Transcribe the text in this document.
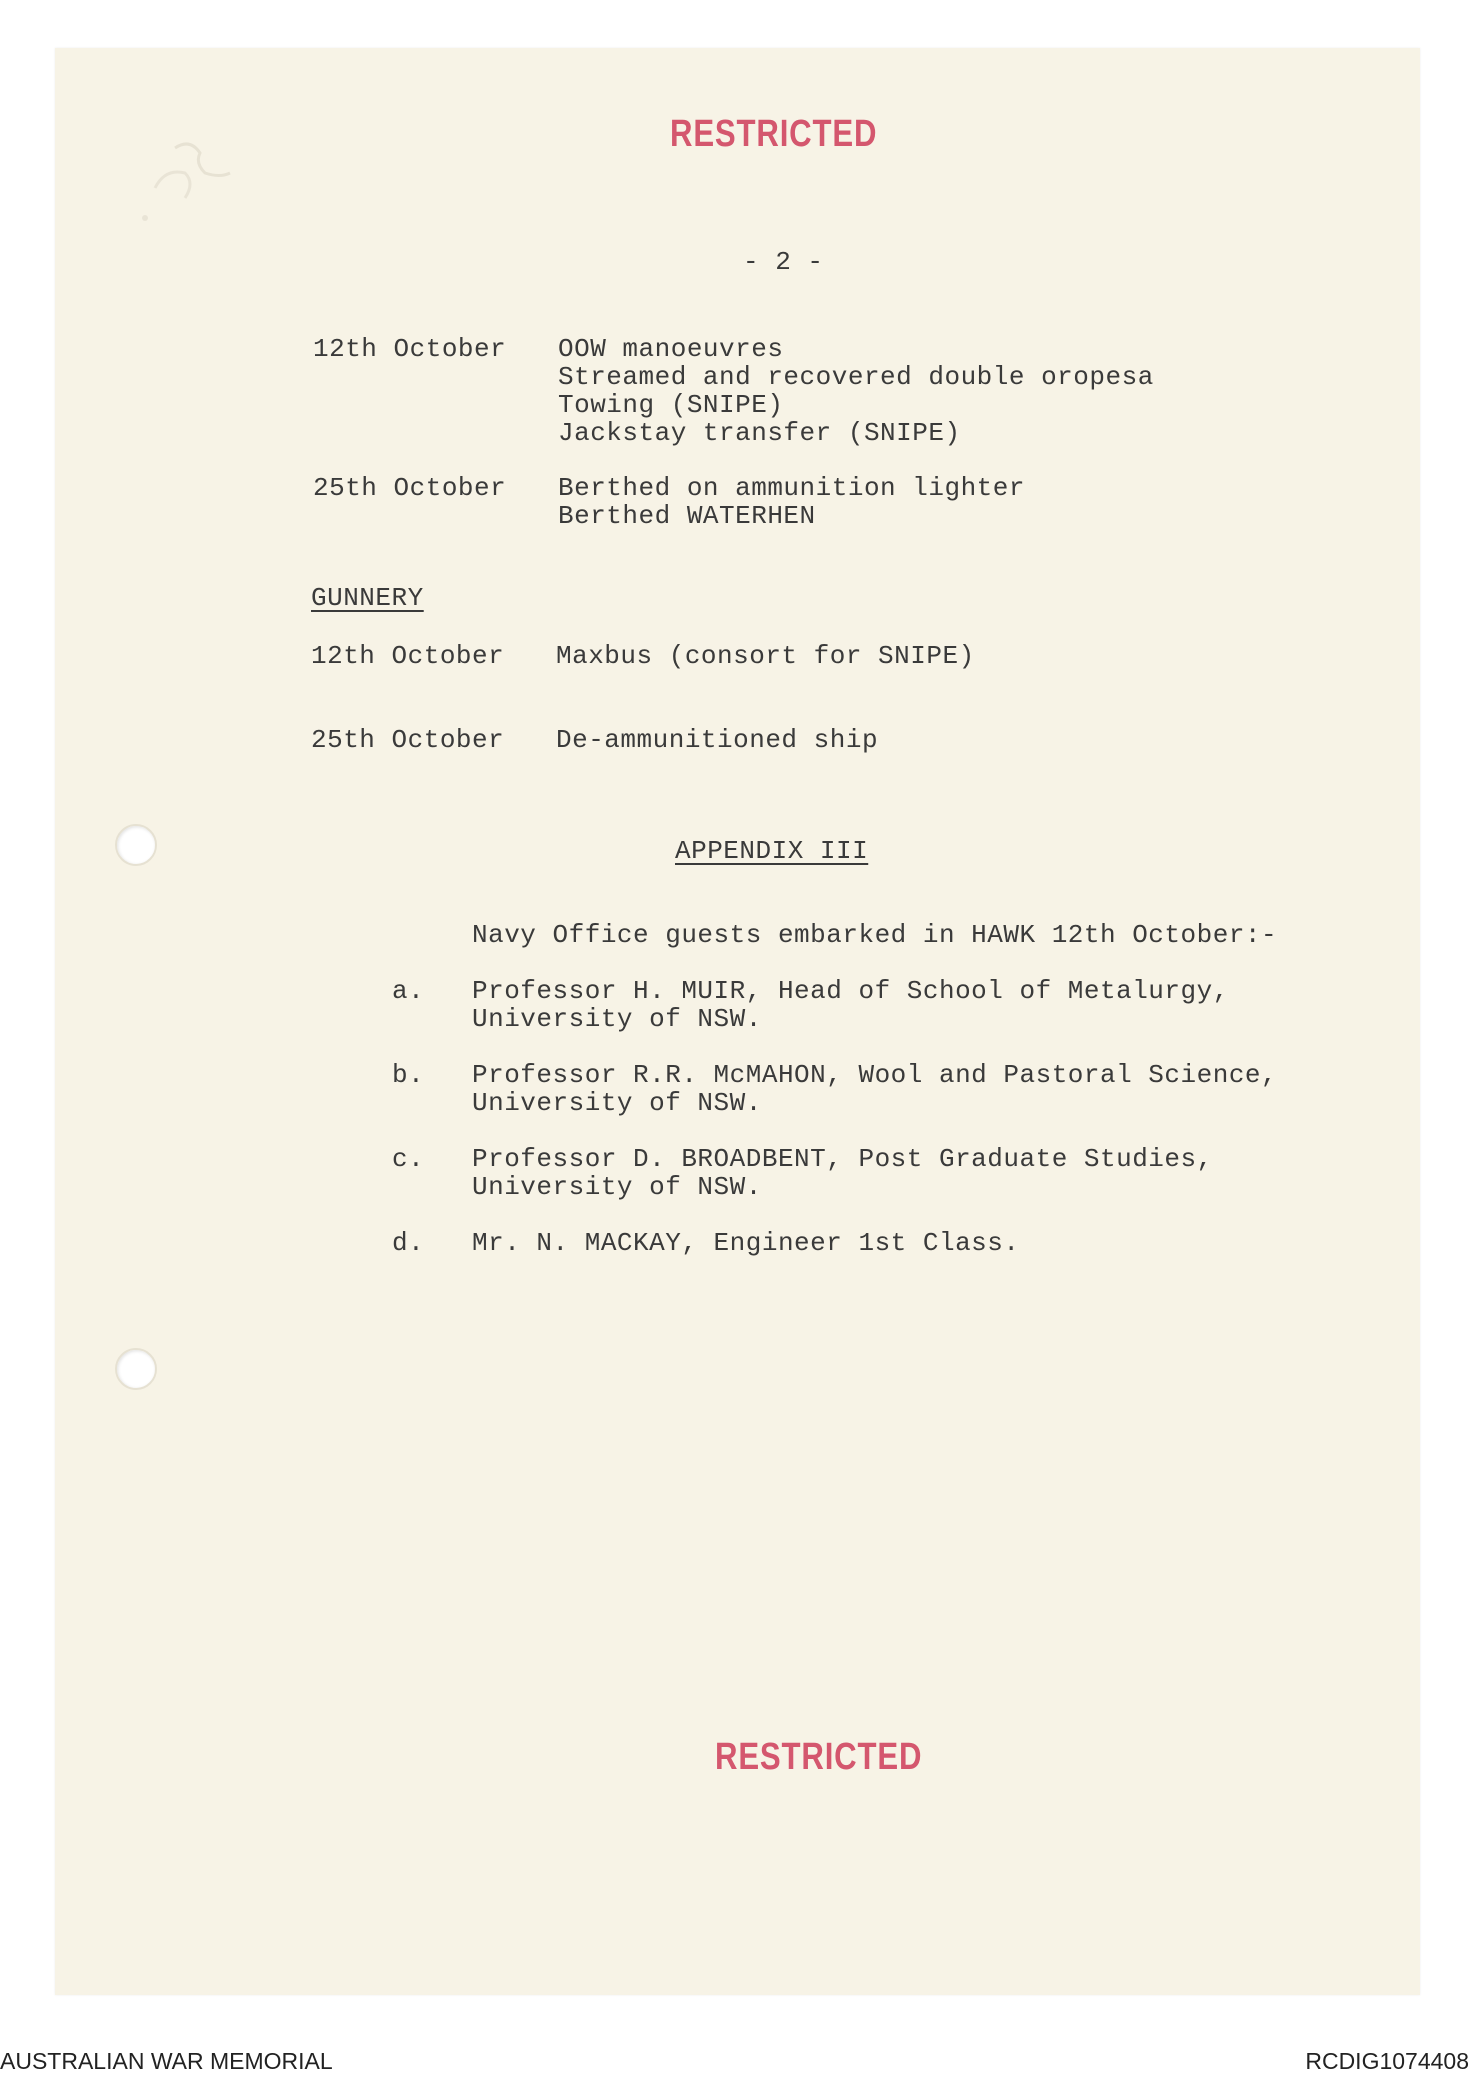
RESTRICTED
- 2 -
12th October OOW manoeuvres
Streamed and recovered double oropesa
Towing (SNIPE)
Jackstay transfer (SNIPE)
25th October Berthed on ammunition lighter
Berthed WATERHEN
GUNNERY
12th October Maxbus (consort for SNIPE)
25th October De-ammunitioned ship
APPENDIX III
Navy Office guests embarked in HAWK 12th October:-
a. Professor H. MUIR, Head of School of Metalurgy,
University of NSW.
b. Professor R.R. McMAHON, Wool and Pastoral Science,
University of NSW.
c. Professor D. BROADBENT, Post Graduate Studies,
University of NSW.
d. Mr. N. MACKAY, Engineer 1st Class.
RESTRICTED
AUSTRALIAN WAR MEMORIAL	RCDIG1074408
